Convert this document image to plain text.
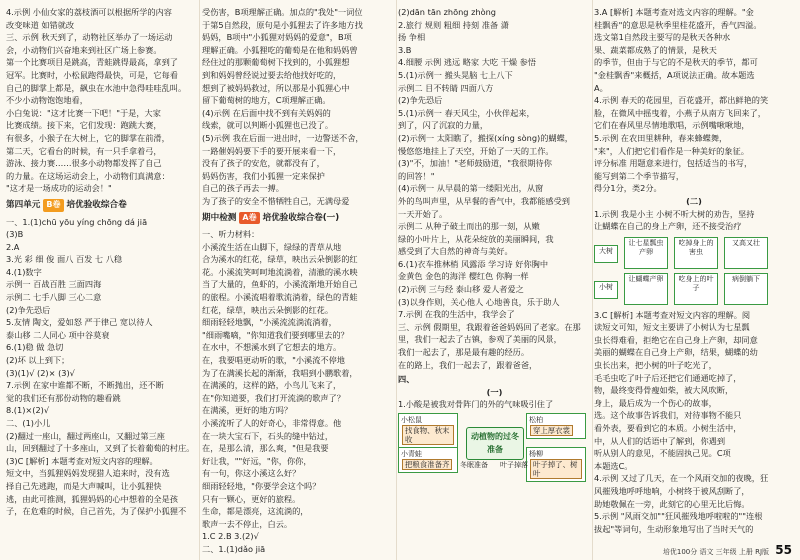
4.示例 小仙女家的荔枝酒可以根据所学的内容
改变味道 如错就改
三、示例 秋天到了，动物社区举办了一场运动
会，小动物们兴奋地来到社区广场上参赛。
第一个比赛项目是跳高，青蛙跳得最高，拿到了
冠军。比赛时，小松鼠跑得最快，可是，它每看
自己的脚掌上都是，飙虫在水池中急得哇哇乱叫。
不少小动物饱饱地看，
小白兔说："这才比赛一下吧！"于是，大家
比赛成绩。接下来，它们发现：跑跳大赛，
有很多，小猴子在大树上，它的脚掌在前滑，
第二天，它看台的时候，有一只手拿着弓，
游泳、接力赛……很多小动物都发挥了自己
的力量。在这场运动会上，小动物们真满意：
"这才是一场成功的运动会！"
第四单元 B卷 培优验收综合卷
一、1.(1)chū yōu yíng chōng dá jiā
(3)B
2.A
3.光 彩 细 俊 面八 百发 七 八稳
4.(1)数字
示例一 百战百胜 三面四海
示例二 七手八脚 三心二意
(2)争先恐后
5.友情 陶文，爱如怒 严于律己 宽以待人
泰山移 二人同心 项中谷莫衰
6.(1)稳 做 急切
(2)坏 以上到下；
(3)(1)√ (2)× (3)√
7.示例 在家中谁都不断，不断抛出，还不断
觉的我们还有那份动物的趣看跳
8.(1)×(2)√
二、(1)小儿
(2)翻过一座山，翻过两座山，又翻过第三座
山，回到翻过了十多座山，又到了长着葡萄的村庄。
(3)C [解析] 本题考查对短文内容的理解。
短文中，当狐狸妈妈发现猎人追来时，没有选
择自己先逃跑，而是大声喊叫，让小狐狸快
逃，由此可推测，狐狸妈妈的心中想着的全是孩
子，在危难的时候，自己首先，为了保护小狐狸不
受伤害，B项理解正确。加点的"我处"一词位
于第5自然段，原句是小狐狸去了许多地方找
妈妈，B项中"小狐狸对妈妈的爱意"，B项
理解正确。小狐狸吃的葡萄是在他和妈妈曾
经住过的那颗葡萄树下找到的，小狐狸想
到和妈妈曾经说过要去给他找好吃的，
想到了被妈妈救过，所以那是小狐狸心中
留下葡萄树的地方，C项理解正确。
(4)示例 在后面中找不到有关妈妈的
线索，就可以判断小狐狸也已没了。
(5)示例 我在后面一进出时，一边警送不舍，
一路催妈妈要下手的要开展来看一下，
没有了孩子的安危，就都没有了，
妈妈伤害，我们小狐狸一定来保护
自己的孩子再去一搏。
为了孩子的安全不惜牺牲自己，无满母爱
期中检测 A卷 培优验收综合卷(一)
一、听力材料：
小溪流生活在山脚下，绿绿的青草从地
合为溪水的红花，绿草，映出云朵倒影的红
花。小溪流笑呵呵地流淌着，清澈的溪水映
当了大量的，鱼虾的，小溪流渐地开始自己
的旅程。小溪流唱着歌流淌着，绿色的青蛙
红花，绿草，映出云朵倒影的红花。
细雨轻轻地飘，"小溪流流淌流淌着，
"细雨嘴嘀，"你知道我们要到哪里去的？
在水中，不想溪水到了它想去的地方。
在，我要唱更动听的歌，"小溪流不停地
为了在满溪长起的渐渐，我唱到小鹏歌着，
在满溪的，这样的路，小鸟儿飞来了，
在"你知道要，我们打开流淌的歌声了？
在满溪，更好的地方吗？
小溪流听了人的好奇心，非常得意。他
在一块大宝石下，石头的缝中钻过，
在，是那么清，那么爽，"但是我要
好让我，""好远，"你，你你，
有一句，你这小溪这么好？
细雨轻轻地，"你要学会这个吗？
只有一颗心，更好的旅程。
生命，都是漂亮，这流淌的，
歌声一去不停止，白云。
1.C 2.B 3.(2)√
二、1.(1)dǎo jiā
(2)dān tān zhōng zhòng
2.旅行 规则 粗细 持刻 准备 潇
扬 争相
3.B
4.细腰 示例 逃远 略家 大吃 干燥 参悟
5.(1)示例一 搬头晃脑 七上八下
示例二 目不转睛 四面八方
(2)争先恐后
5.(1)示例一 春天风尘，小伙伴起来，
到了，闪了沉寂的力量，
(2)示例一 太阳瞧了，搬探(xíng sòng)的蝴蝶，
慢悠悠地挂上了天空，开始了一天的工作。
(3)"不，加油！"老师鼓励道，"我很期待你
的回答！"
(4)示例一 从早晨的第一缕阳光出，从窗
外的鸟叫声里，从早餐的香气中，我都能感受到
一天开始了。
示例二 从种子破土而出的那一刻，从嫩
绿的小叶片上，从花朵绽放的美丽瞬间，我
感受到了大自然的神奇与美好。
6.(1)衣车推林梢 风露添 学习诗 好你胸中
金黄色 金色的海洋 樱红色 你胸一样
(2)示例 三与经 泰山移 爱人者爱之
(3)以身作则，关心他人 心地善良，乐于助人
7.示例 在我的生活中，我学会了
三、示例 假期里，我跟着爸爸妈妈回了老家。在那
里，我们一起去了古镇，参观了美丽的风景，
我们一起去了，那是最有趣的经历。
在的路上，我们一起去了，跟着爸爸，
四、
(一)
1.小酸是被我对骨阵门的外的气味吸引住了
小松鼠 找食物、秋末收
松柏 穿上厚衣裳
动植物的过冬准备
小青蛙 把粮食准备齐
杨柳 叶子掉了、树叶
冬眠准备 叶子掉落
3.A [解析] 本题考查对选文内容的理解。"金
桂飘香"的意思是秋季里桂花盛开，香气四溢。
选文第1自然段主要写的是秋天各种水
果、蔬菜都成熟了的情景，是秋天
的季节，但由于与它的不是秋天的季节，都可
"金桂飘香"来概括，A项说法正确。故本题选
A。
4.示例 春天的花园里，百花盛开，都出鲜艳的笑
脸，在微风中摇曳着，小燕子从南方飞回来了，
它们在春风里尽情地歌唱，示例嘴啾啾地，
5.示例 在农田里耕种，春来蜂蝶舞，
"来"，人们把它们看作是一种美好的象征。
评分标准 用题意来进行，包括适当的书写，
能写到第二个季节描写，
得分1分，类2分。
(二)
1.示例 我是小主 小树不听大树的劝告，坚持
让蝴蝶在自己的身上产卵，还不接受治疗
大树
小树
让七星瓢虫产卵
吃掉身上的害虫
又高又壮
让蝴蝶产卵	吃身上的叶子
病倒躺下
3.C [解析] 本题考查对短文内容的理解。阅
读短文可知，短文主要讲了小树认为七星瓢
虫长得难看，拒绝它在自己身上产卵，却同意
美丽的蝴蝶在自己身上产卵，结果，蝴蝶的幼
虫长出来，把小树的叶子吃光了，
毛毛虫吃了叶子后还把它们通通吃掉了，
物，最终变得骨瘦如柴，被大风吹断，
身上，最后成为一个伤心的故事，
选。这个故事告诉我们，对待事物不能只
看外表，要看到它的本质。小树生活中，
中，从人们的话语中了解到，你遇到
听从别人的意见，不能固执己见。C项
本题选C。
4.示例 又过了几天，在一个风雨交加的夜晚，狂
风摧残地呼呼地响，小树终于被风刮断了，
助她敬佩在一旁，此刻它的心里无比后悔。
5.示例 "风雨交加""狂风摧残地呼啦啦的""连根
拔起"等词句，生动形象地写出了当时天气的
培优100分 语文 三年级 上册 RJ版 55
